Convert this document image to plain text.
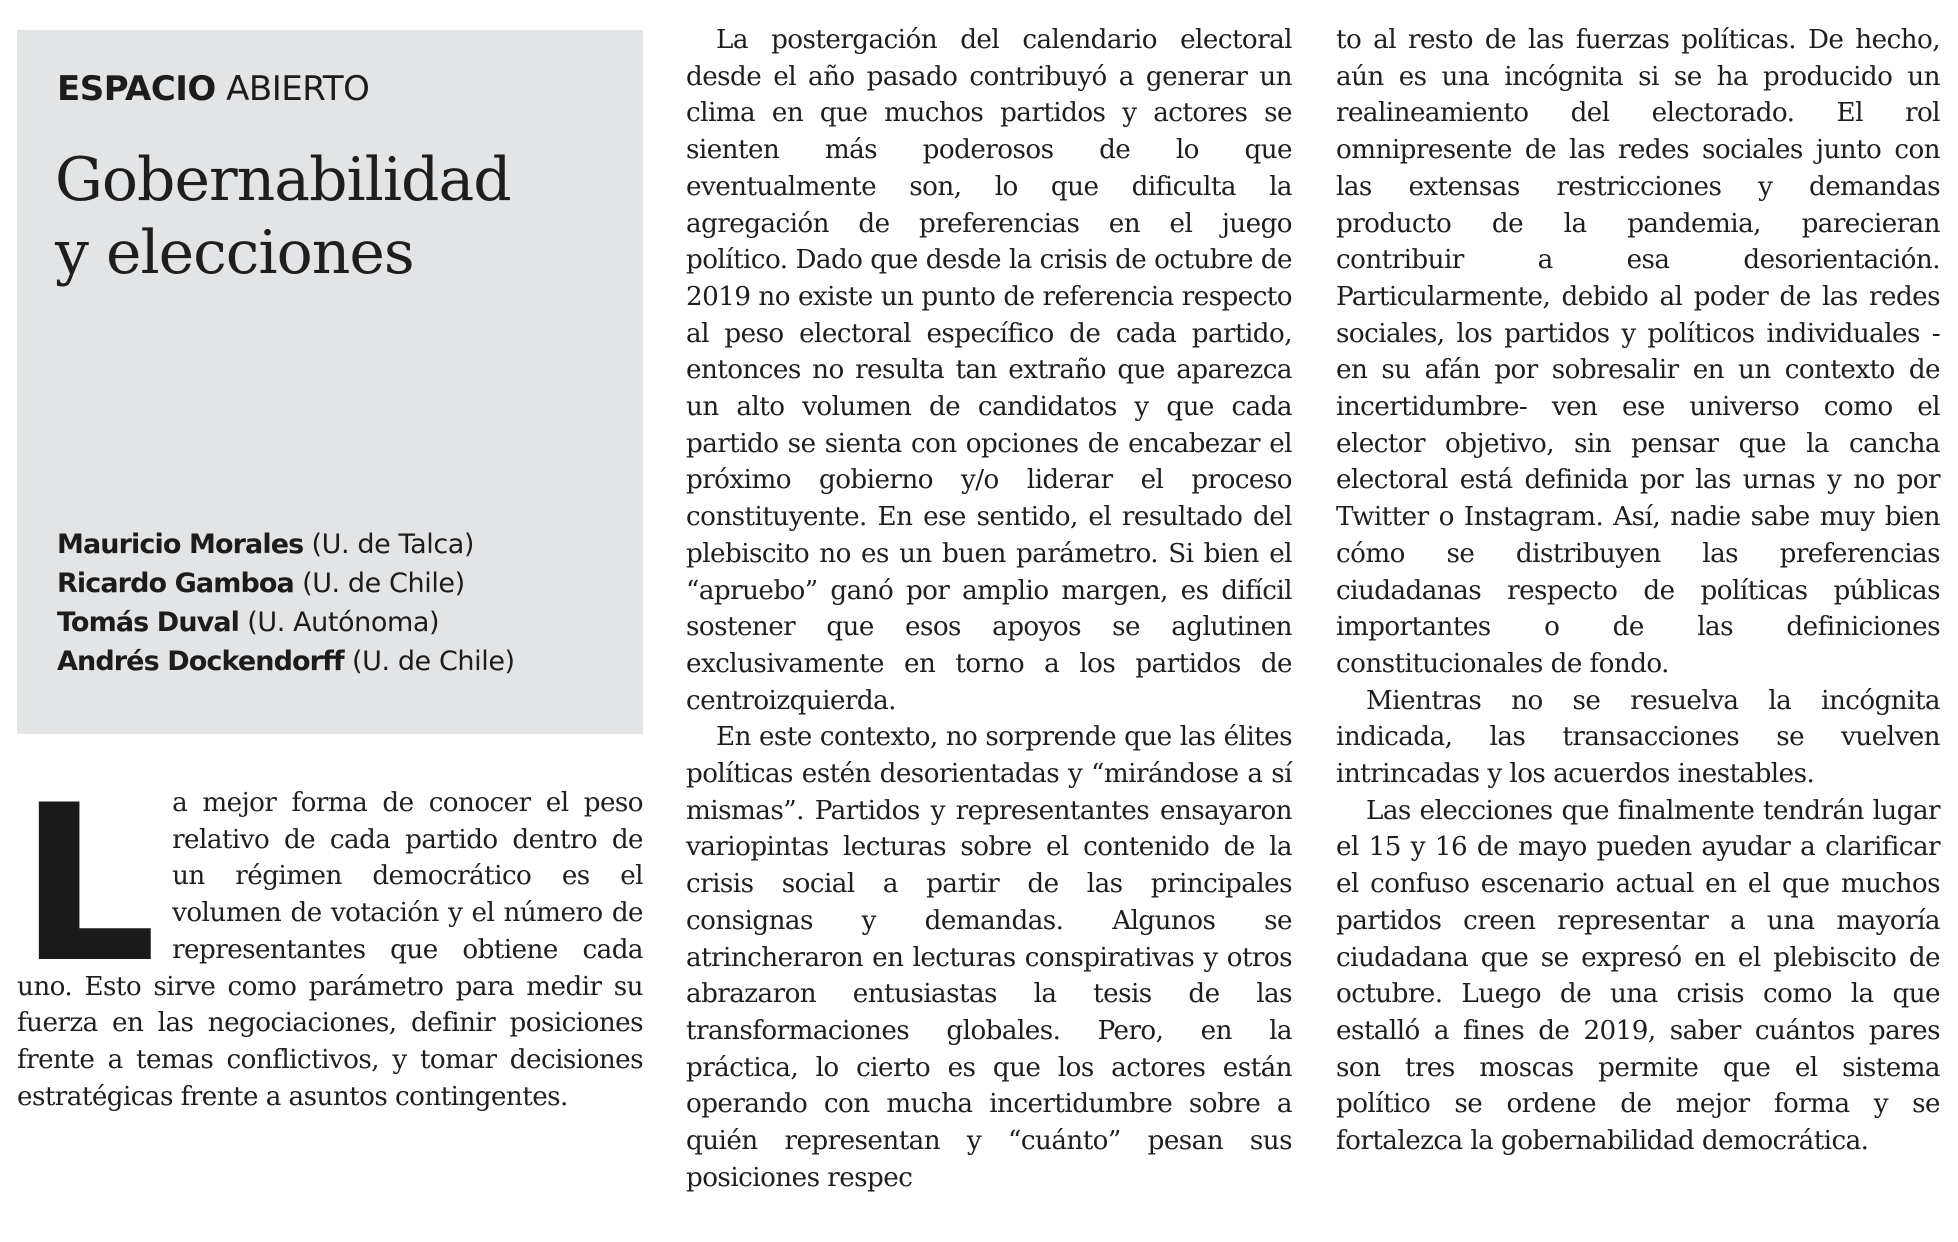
ESPACIO ABIERTO

Gobernabilidad
y elecciones
Mauricio Morales (U. de Talca)
Ricardo Gamboa (U. de Chile)
Tomás Duval (U. Autónoma)
Andrés Dockendorff (U. de Chile)

La mejor forma de conocer el peso relativo de cada partido dentro de un régimen democrático es el volumen de votación y el número de representantes que obtiene cada uno. Esto sirve como parámetro para medir su fuerza en las negociaciones, definir posiciones frente a temas conflictivos, y tomar decisiones estratégicas frente a asuntos contingentes.

La postergación del calendario electoral desde el año pasado contribuyó a generar un clima en que muchos partidos y actores se sienten más poderosos de lo que eventualmente son, lo que dificulta la agregación de preferencias en el juego político. Dado que desde la crisis de octubre de 2019 no existe un punto de referencia respecto al peso electoral específico de cada partido, entonces no resulta tan extraño que aparezca un alto volumen de candidatos y que cada partido se sienta con opciones de encabezar el próximo gobierno y/o liderar el proceso constituyente. En ese sentido, el resultado del plebiscito no es un buen parámetro. Si bien el “apruebo” ganó por amplio margen, es difícil sostener que esos apoyos se aglutinen exclusivamente en torno a los partidos de centroizquierda.

En este contexto, no sorprende que las élites políticas estén desorientadas y “mirándose a sí mismas”. Partidos y representantes ensayaron variopintas lecturas sobre el contenido de la crisis social a partir de las principales consignas y demandas. Algunos se atrincheraron en lecturas conspirativas y otros abrazaron entusiastas la tesis de las transformaciones globales. Pero, en la práctica, lo cierto es que los actores están operando con mucha incertidumbre sobre a quién representan y “cuánto” pesan sus posiciones respec

to al resto de las fuerzas políticas. De hecho, aún es una incógnita si se ha producido un realineamiento del electorado. El rol omnipresente de las redes sociales junto con las extensas restricciones y demandas producto de la pandemia, parecieran contribuir a esa desorientación. Particularmente, debido al poder de las redes sociales, los partidos y políticos individuales -en su afán por sobresalir en un contexto de incertidumbre- ven ese universo como el elector objetivo, sin pensar que la cancha electoral está definida por las urnas y no por Twitter o Instagram. Así, nadie sabe muy bien cómo se distribuyen las preferencias ciudadanas respecto de políticas públicas importantes o de las definiciones constitucionales de fondo.

Mientras no se resuelva la incógnita indicada, las transacciones se vuelven intrincadas y los acuerdos inestables.

Las elecciones que finalmente tendrán lugar el 15 y 16 de mayo pueden ayudar a clarificar el confuso escenario actual en el que muchos partidos creen representar a una mayoría ciudadana que se expresó en el plebiscito de octubre. Luego de una crisis como la que estalló a fines de 2019, saber cuántos pares son tres moscas permite que el sistema político se ordene de mejor forma y se fortalezca la gobernabilidad democrática.
